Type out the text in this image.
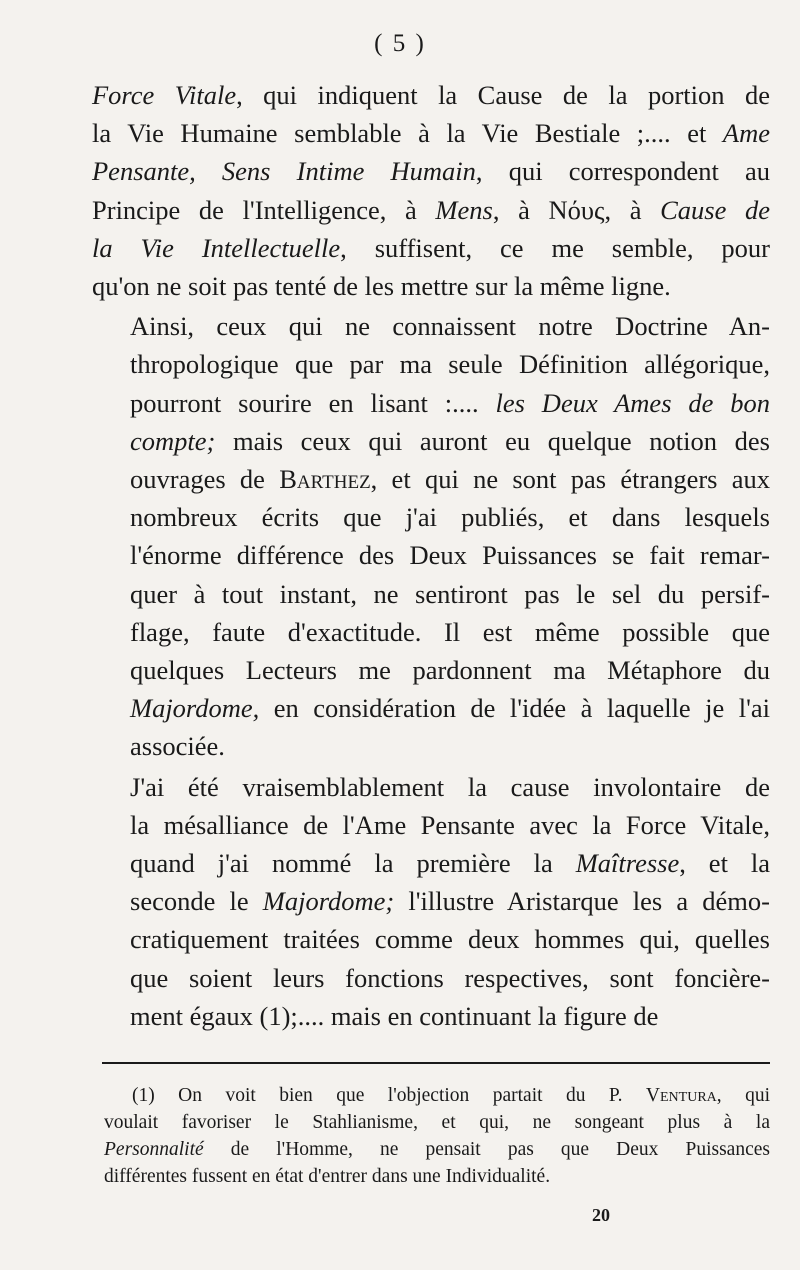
( 5 )

Force Vitale, qui indiquent la Cause de la portion de
la Vie Humaine semblable à la Vie Bestiale ;.... et Ame
Pensante, Sens Intime Humain, qui correspondent au
Principe de l'Intelligence, à Mens, à Νόυς, à Cause de
la Vie Intellectuelle, suffisent, ce me semble, pour
qu'on ne soit pas tenté de les mettre sur la même ligne.

Ainsi, ceux qui ne connaissent notre Doctrine An-
thropologique que par ma seule Définition allégorique,
pourront sourire en lisant :.... les Deux Ames de bon
compte; mais ceux qui auront eu quelque notion des
ouvrages de Barthez, et qui ne sont pas étrangers aux
nombreux écrits que j'ai publiés, et dans lesquels
l'énorme différence des Deux Puissances se fait remar-
quer à tout instant, ne sentiront pas le sel du persif-
flage, faute d'exactitude. Il est même possible que
quelques Lecteurs me pardonnent ma Métaphore du
Majordome, en considération de l'idée à laquelle je l'ai
associée.

J'ai été vraisemblablement la cause involontaire de
la mésalliance de l'Ame Pensante avec la Force Vitale,
quand j'ai nommé la première la Maîtresse, et la
seconde le Majordome; l'illustre Aristarque les a démo-
cratiquement traitées comme deux hommes qui, quelles
que soient leurs fonctions respectives, sont foncière-
ment égaux (1);.... mais en continuant la figure de

(1) On voit bien que l'objection partait du P. Ventura, qui
voulait favoriser le Stahlianisme, et qui, ne songeant plus à la
Personnalité de l'Homme, ne pensait pas que Deux Puissances
différentes fussent en état d'entrer dans une Individualité.
20
